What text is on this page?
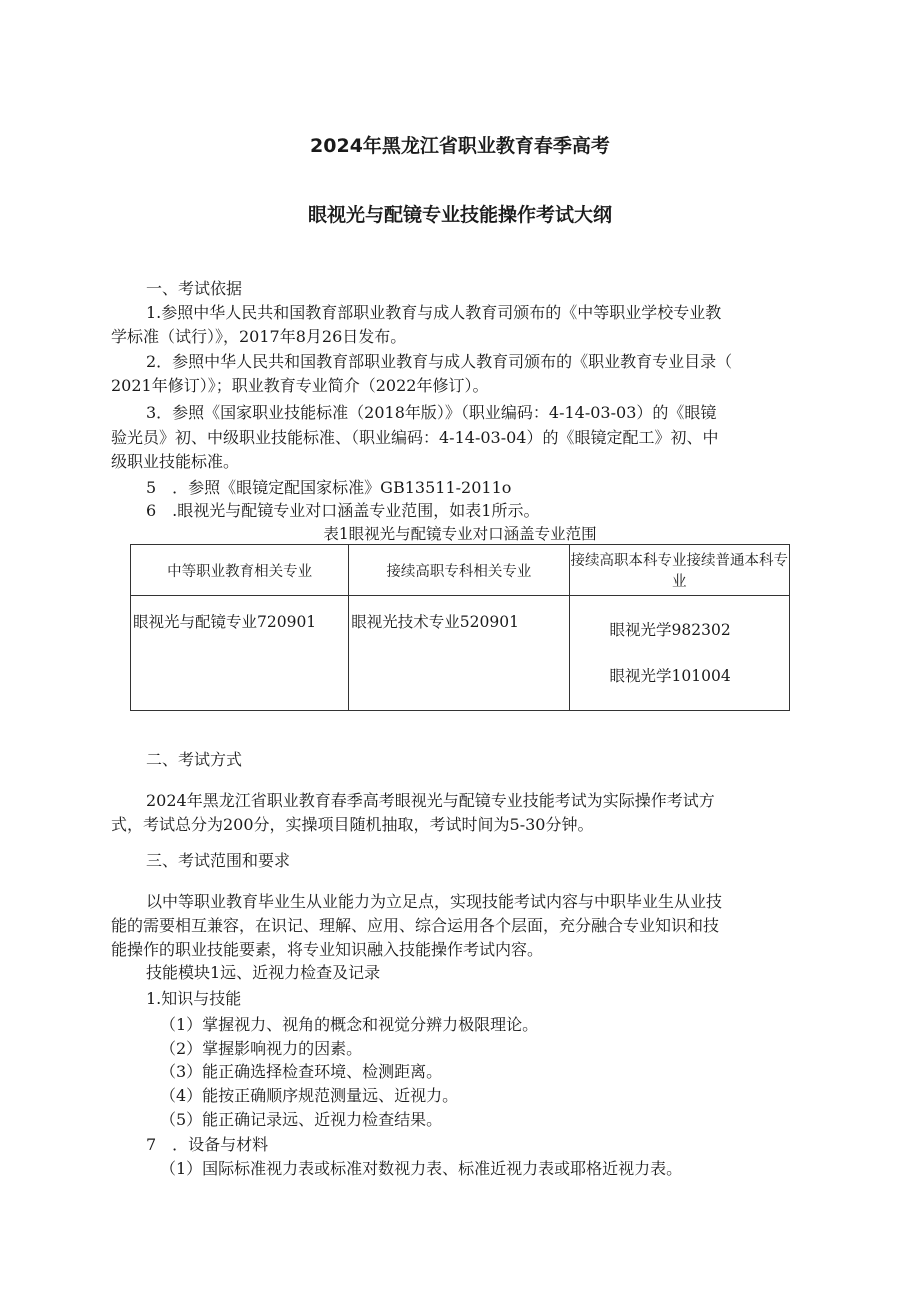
2024年黑龙江省职业教育春季高考
眼视光与配镜专业技能操作考试大纲
一、考试依据
1.参照中华人民共和国教育部职业教育与成人教育司颁布的《中等职业学校专业教
学标准（试行）》，2017年8月26日发布。
2．参照中华人民共和国教育部职业教育与成人教育司颁布的《职业教育专业目录（
2021年修订）》；职业教育专业简介（2022年修订）。
3．参照《国家职业技能标准（2018年版）》（职业编码：4-14-03-03）的《眼镜
验光员》初、中级职业技能标准、（职业编码：4-14-03-04）的《眼镜定配工》初、中
级职业技能标准。
5　．参照《眼镜定配国家标准》GB13511-2011o
6　.眼视光与配镜专业对口涵盖专业范围，如表1所示。
表1眼视光与配镜专业对口涵盖专业范围
中等职业教育相关专业	接续高职专科相关专业	接续高职本科专业接续普通本科专业

眼视光与配镜专业720901	眼视光技术专业520901	眼视光学982302
眼视光学101004
二、考试方式
2024年黑龙江省职业教育春季高考眼视光与配镜专业技能考试为实际操作考试方
式，考试总分为200分，实操项目随机抽取，考试时间为5-30分钟。
三、考试范围和要求
以中等职业教育毕业生从业能力为立足点，实现技能考试内容与中职毕业生从业技
能的需要相互兼容，在识记、理解、应用、综合运用各个层面，充分融合专业知识和技
能操作的职业技能要素，将专业知识融入技能操作考试内容。
技能模块1远、近视力检查及记录
1.知识与技能
（1）掌握视力、视角的概念和视觉分辨力极限理论。
（2）掌握影响视力的因素。
（3）能正确选择检查环境、检测距离。
（4）能按正确顺序规范测量远、近视力。
（5）能正确记录远、近视力检查结果。
7　．设备与材料
（1）国际标准视力表或标准对数视力表、标准近视力表或耶格近视力表。
